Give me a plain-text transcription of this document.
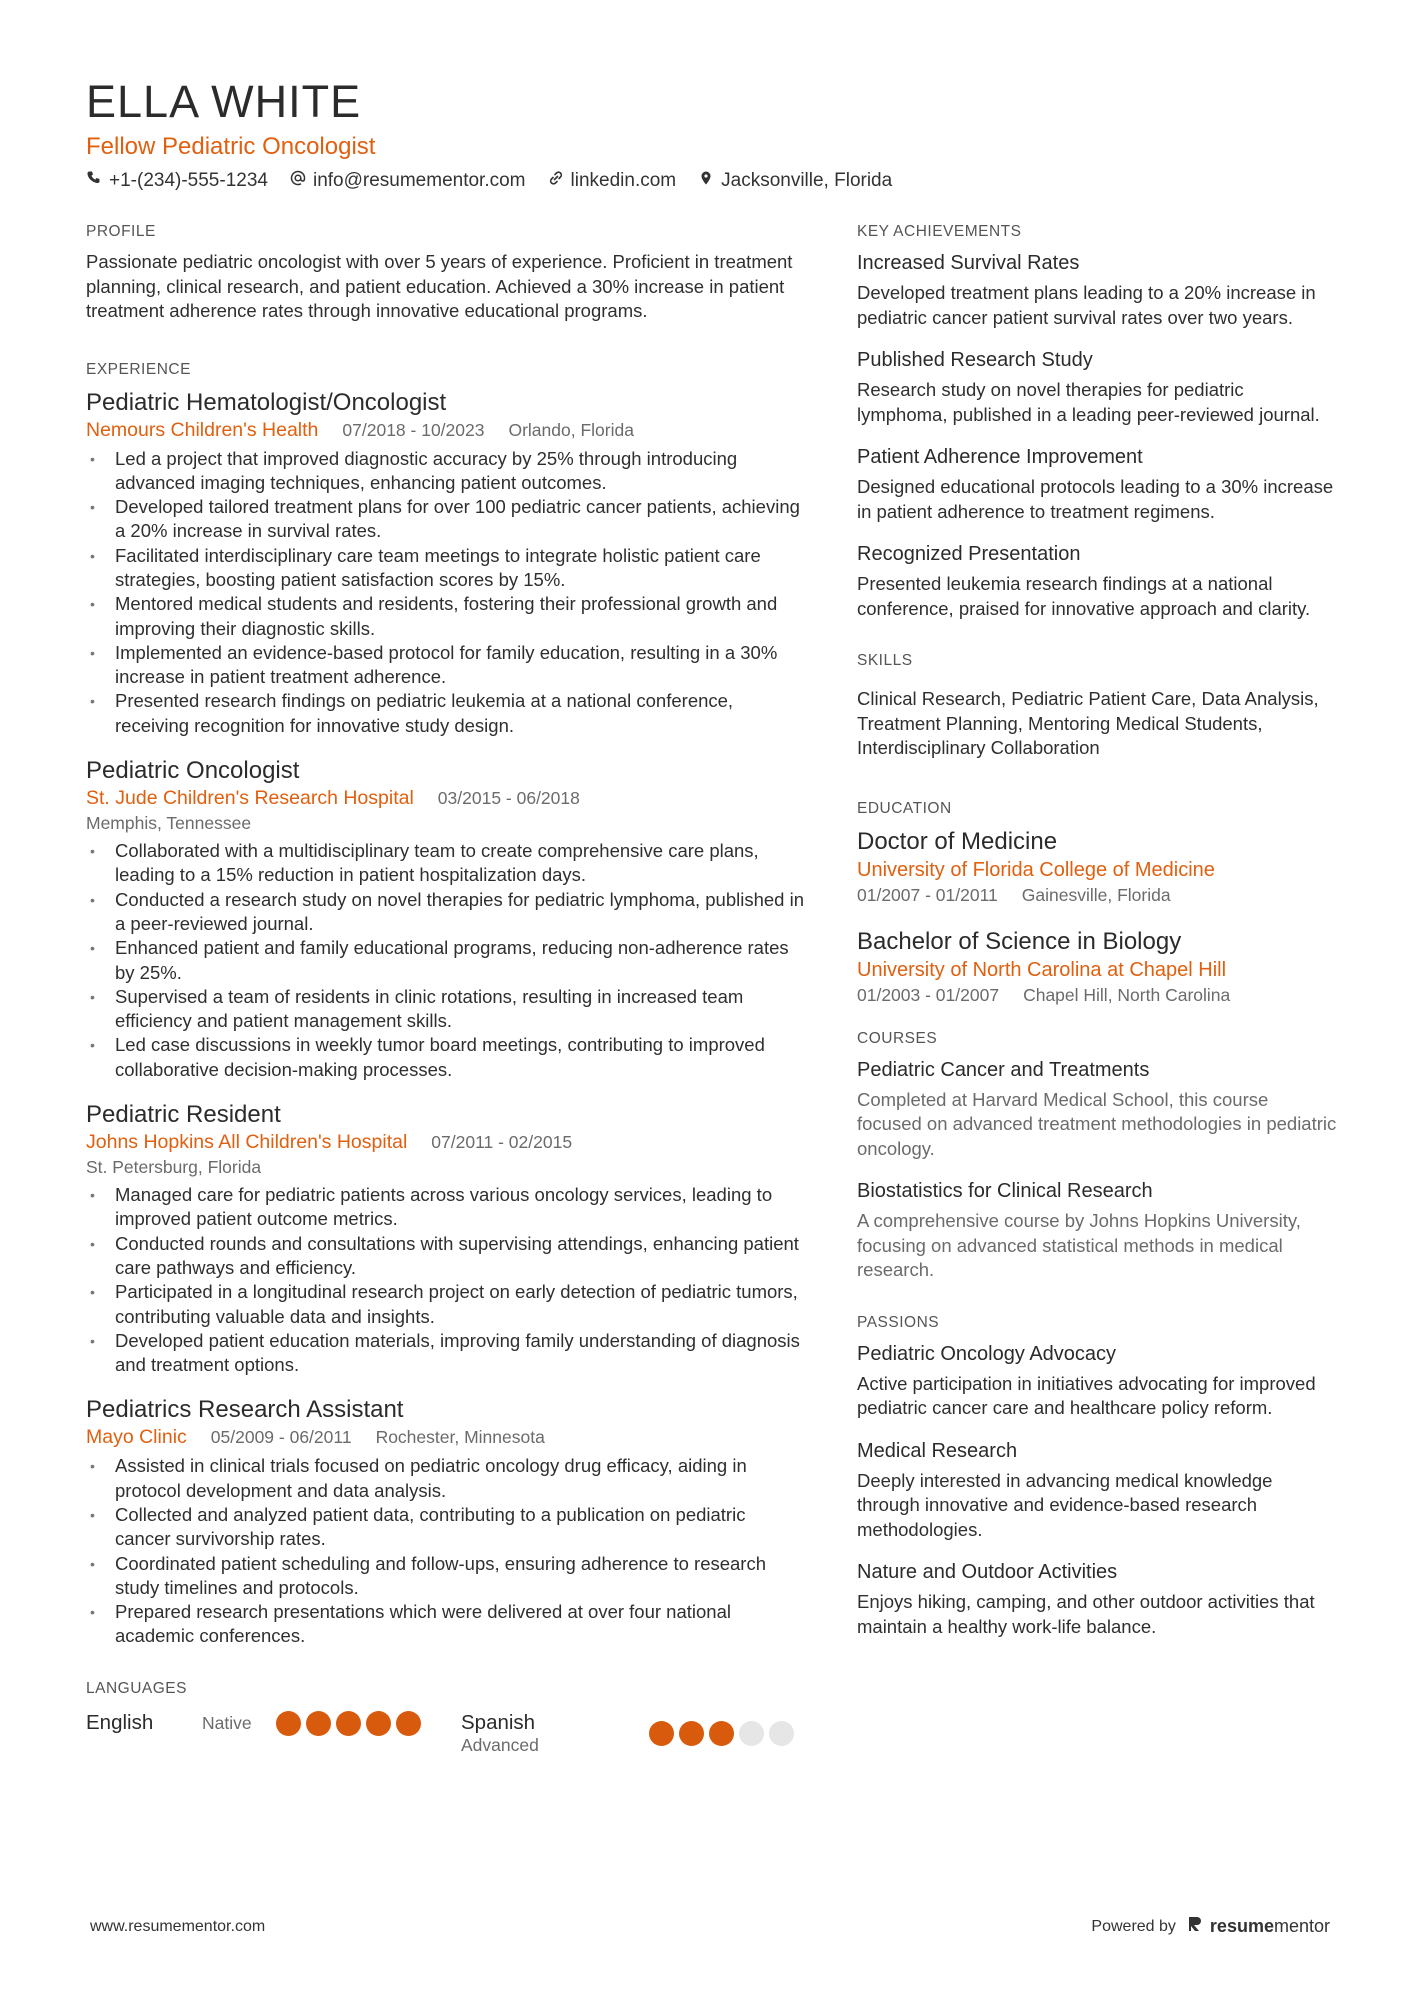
ELLA WHITE
Fellow Pediatric Oncologist
+1-(234)-555-1234 info@resumementor.com linkedin.com Jacksonville, Florida
PROFILE
Passionate pediatric oncologist with over 5 years of experience. Proficient in treatment planning, clinical research, and patient education. Achieved a 30% increase in patient treatment adherence rates through innovative educational programs.
EXPERIENCE
Pediatric Hematologist/Oncologist
Nemours Children's Health 07/2018 - 10/2023 Orlando, Florida
• Led a project that improved diagnostic accuracy by 25% through introducing advanced imaging techniques, enhancing patient outcomes.
• Developed tailored treatment plans for over 100 pediatric cancer patients, achieving a 20% increase in survival rates.
• Facilitated interdisciplinary care team meetings to integrate holistic patient care strategies, boosting patient satisfaction scores by 15%.
• Mentored medical students and residents, fostering their professional growth and improving their diagnostic skills.
• Implemented an evidence-based protocol for family education, resulting in a 30% increase in patient treatment adherence.
• Presented research findings on pediatric leukemia at a national conference, receiving recognition for innovative study design.
Pediatric Oncologist
St. Jude Children's Research Hospital 03/2015 - 06/2018
Memphis, Tennessee
• Collaborated with a multidisciplinary team to create comprehensive care plans, leading to a 15% reduction in patient hospitalization days.
• Conducted a research study on novel therapies for pediatric lymphoma, published in a peer-reviewed journal.
• Enhanced patient and family educational programs, reducing non-adherence rates by 25%.
• Supervised a team of residents in clinic rotations, resulting in increased team efficiency and patient management skills.
• Led case discussions in weekly tumor board meetings, contributing to improved collaborative decision-making processes.
Pediatric Resident
Johns Hopkins All Children's Hospital 07/2011 - 02/2015
St. Petersburg, Florida
• Managed care for pediatric patients across various oncology services, leading to improved patient outcome metrics.
• Conducted rounds and consultations with supervising attendings, enhancing patient care pathways and efficiency.
• Participated in a longitudinal research project on early detection of pediatric tumors, contributing valuable data and insights.
• Developed patient education materials, improving family understanding of diagnosis and treatment options.
Pediatrics Research Assistant
Mayo Clinic 05/2009 - 06/2011 Rochester, Minnesota
• Assisted in clinical trials focused on pediatric oncology drug efficacy, aiding in protocol development and data analysis.
• Collected and analyzed patient data, contributing to a publication on pediatric cancer survivorship rates.
• Coordinated patient scheduling and follow-ups, ensuring adherence to research study timelines and protocols.
• Prepared research presentations which were delivered at over four national academic conferences.
LANGUAGES
English	Native	Spanish
Advanced
KEY ACHIEVEMENTS
Increased Survival Rates
Developed treatment plans leading to a 20% increase in pediatric cancer patient survival rates over two years.
Published Research Study
Research study on novel therapies for pediatric lymphoma, published in a leading peer-reviewed journal.
Patient Adherence Improvement
Designed educational protocols leading to a 30% increase in patient adherence to treatment regimens.
Recognized Presentation
Presented leukemia research findings at a national conference, praised for innovative approach and clarity.
SKILLS
Clinical Research, Pediatric Patient Care, Data Analysis, Treatment Planning, Mentoring Medical Students, Interdisciplinary Collaboration
EDUCATION
Doctor of Medicine
University of Florida College of Medicine
01/2007 - 01/2011 Gainesville, Florida
Bachelor of Science in Biology
University of North Carolina at Chapel Hill
01/2003 - 01/2007 Chapel Hill, North Carolina
COURSES
Pediatric Cancer and Treatments
Completed at Harvard Medical School, this course focused on advanced treatment methodologies in pediatric oncology.
Biostatistics for Clinical Research
A comprehensive course by Johns Hopkins University, focusing on advanced statistical methods in medical research.
PASSIONS
Pediatric Oncology Advocacy
Active participation in initiatives advocating for improved pediatric cancer care and healthcare policy reform.
Medical Research
Deeply interested in advancing medical knowledge through innovative and evidence-based research methodologies.
Nature and Outdoor Activities
Enjoys hiking, camping, and other outdoor activities that maintain a healthy work-life balance.
www.resumementor.com	Powered by resumementor
